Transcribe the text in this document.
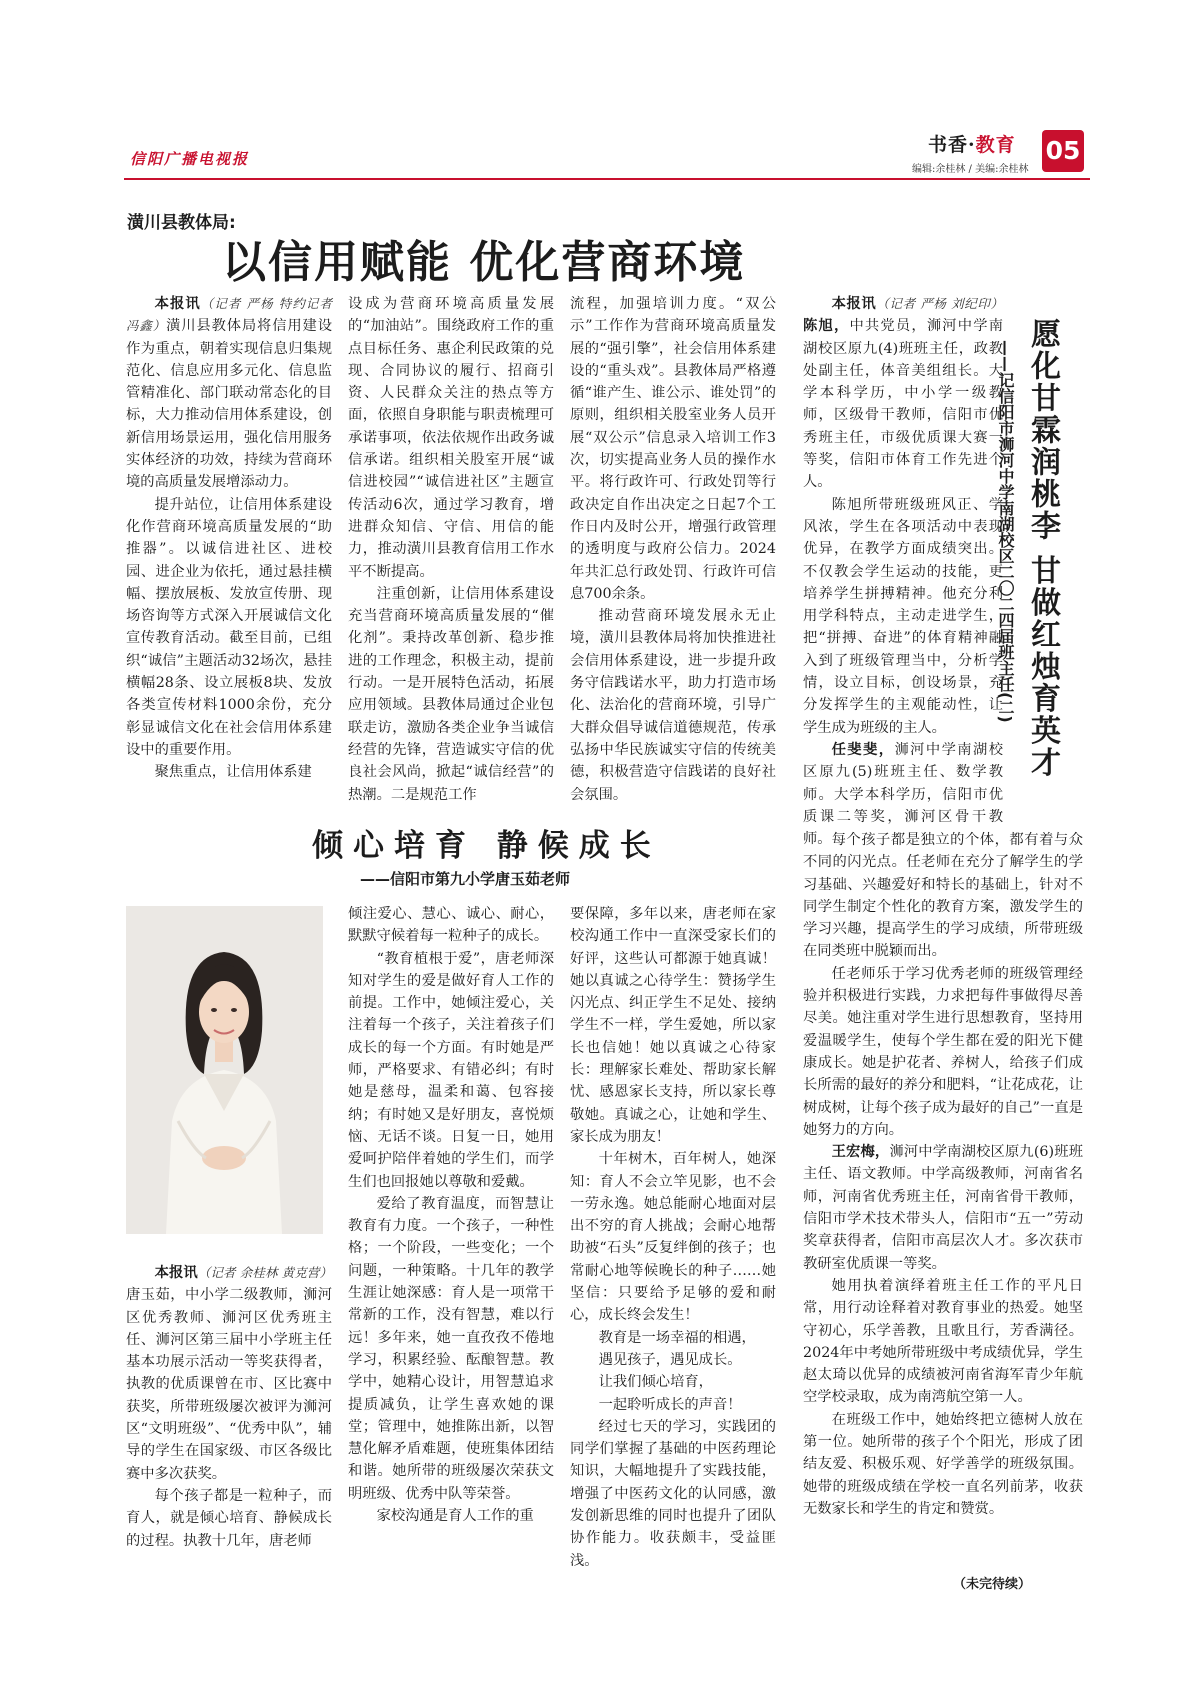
信阳广播电视报
书香·教育
编辑:余桂林 / 美编:余桂林
05
潢川县教体局:
以信用赋能 优化营商环境

本报讯（记者 严杨 特约记者 冯鑫）潢川县教体局将信用建设作为重点，朝着实现信息归集规范化、信息应用多元化、信息监管精准化、部门联动常态化的目标，大力推动信用体系建设，创新信用场景运用，强化信用服务实体经济的功效，持续为营商环境的高质量发展增添动力。

提升站位，让信用体系建设化作营商环境高质量发展的“助推器”。以诚信进社区、进校园、进企业为依托，通过悬挂横幅、摆放展板、发放宣传册、现场咨询等方式深入开展诚信文化宣传教育活动。截至目前，已组织“诚信”主题活动32场次，悬挂横幅28条、设立展板8块、发放各类宣传材料1000余份，充分彰显诚信文化在社会信用体系建设中的重要作用。

聚焦重点，让信用体系建

设成为营商环境高质量发展的“加油站”。围绕政府工作的重点目标任务、惠企利民政策的兑现、合同协议的履行、招商引资、人民群众关注的热点等方面，依照自身职能与职责梳理可承诺事项，依法依规作出政务诚信承诺。组织相关股室开展“诚信进校园”“诚信进社区”主题宣传活动6次，通过学习教育，增进群众知信、守信、用信的能力，推动潢川县教育信用工作水平不断提高。

注重创新，让信用体系建设充当营商环境高质量发展的“催化剂”。秉持改革创新、稳步推进的工作理念，积极主动，提前行动。一是开展特色活动，拓展应用领域。县教体局通过企业包联走访，激励各类企业争当诚信经营的先锋，营造诚实守信的优良社会风尚，掀起“诚信经营”的热潮。二是规范工作

流程，加强培训力度。“双公示”工作作为营商环境高质量发展的“强引擎”，社会信用体系建设的“重头戏”。县教体局严格遵循“谁产生、谁公示、谁处罚”的原则，组织相关股室业务人员开展“双公示”信息录入培训工作3次，切实提高业务人员的操作水平。将行政许可、行政处罚等行政决定自作出决定之日起7个工作日内及时公开，增强行政管理的透明度与政府公信力。2024年共汇总行政处罚、行政许可信息700余条。

推动营商环境发展永无止境，潢川县教体局将加快推进社会信用体系建设，进一步提升政务守信践诺水平，助力打造市场化、法治化的营商环境，引导广大群众倡导诚信道德规范，传承弘扬中华民族诚实守信的传统美德，积极营造守信践诺的良好社会氛围。

愿化甘霖润桃李 甘做红烛育英才
——记信阳市浉河中学南湖校区二〇二四届班主任(二)

本报讯（记者 严杨 刘纪印）陈旭，中共党员，浉河中学南湖校区原九(4)班班主任，政教处副主任，体音美组组长。大学本科学历，中小学一级教师，区级骨干教师，信阳市优秀班主任，市级优质课大赛一等奖，信阳市体育工作先进个人。

陈旭所带班级班风正、学风浓，学生在各项活动中表现优异，在教学方面成绩突出。不仅教会学生运动的技能，更培养学生拼搏精神。他充分利用学科特点，主动走进学生，把“拼搏、奋进”的体育精神融入到了班级管理当中，分析学情，设立目标，创设场景，充分发挥学生的主观能动性，让学生成为班级的主人。

任斐斐，浉河中学南湖校区原九(5)班班主任、数学教师。大学本科学历，信阳市优质课二等奖，浉河区骨干教师。 每个孩子都是独立的个体，都有着与众不同的闪光点。任老师在充分了解学生的学习基础、兴趣爱好和特长的基础上，针对不同学生制定个性化的教育方案，激发学生的学习兴趣，提高学生的学习成绩，所带班级在同类班中脱颖而出。

任老师乐于学习优秀老师的班级管理经验并积极进行实践，力求把每件事做得尽善尽美。她注重对学生进行思想教育，坚持用爱温暖学生，使每个学生都在爱的阳光下健康成长。她是护花者、养树人，给孩子们成长所需的最好的养分和肥料，“让花成花，让树成树，让每个孩子成为最好的自己”一直是她努力的方向。

王宏梅，浉河中学南湖校区原九(6)班班主任、语文教师。中学高级教师，河南省名师，河南省优秀班主任，河南省骨干教师，信阳市学术技术带头人，信阳市“五一”劳动奖章获得者，信阳市高层次人才。多次获市教研室优质课一等奖。

她用执着演绎着班主任工作的平凡日常，用行动诠释着对教育事业的热爱。她坚守初心，乐学善教，且歌且行，芳香满径。2024年中考她所带班级中考成绩优异，学生赵太琦以优异的成绩被河南省海军青少年航空学校录取，成为南湾航空第一人。

在班级工作中，她始终把立德树人放在第一位。她所带的孩子个个阳光，形成了团结友爱、积极乐观、好学善学的班级氛围。她带的班级成绩在学校一直名列前茅，收获无数家长和学生的肯定和赞赏。

（未完待续）
倾心培育 静候成长
——信阳市第九小学唐玉茹老师

本报讯（记者 余桂林 黄克营）唐玉茹，中小学二级教师，浉河区优秀教师、浉河区优秀班主任、浉河区第三届中小学班主任基本功展示活动一等奖获得者，执教的优质课曾在市、区比赛中获奖，所带班级屡次被评为浉河区“文明班级”、“优秀中队”，辅导的学生在国家级、市区各级比赛中多次获奖。

每个孩子都是一粒种子，而育人，就是倾心培育、静候成长的过程。执教十几年，唐老师

倾注爱心、慧心、诚心、耐心，默默守候着每一粒种子的成长。

“教育植根于爱”，唐老师深知对学生的爱是做好育人工作的前提。工作中，她倾注爱心，关注着每一个孩子，关注着孩子们成长的每一个方面。有时她是严师，严格要求、有错必纠；有时她是慈母，温柔和蔼、包容接纳；有时她又是好朋友，喜悦烦恼、无话不谈。日复一日，她用爱呵护陪伴着她的学生们，而学生们也回报她以尊敬和爱戴。

爱给了教育温度，而智慧让教育有力度。一个孩子，一种性格；一个阶段，一些变化；一个问题，一种策略。十几年的教学生涯让她深感：育人是一项常干常新的工作，没有智慧，难以行远！多年来，她一直孜孜不倦地学习，积累经验、酝酿智慧。教学中，她精心设计，用智慧追求提质减负，让学生喜欢她的课堂；管理中，她推陈出新，以智慧化解矛盾难题，使班集体团结和谐。她所带的班级屡次荣获文明班级、优秀中队等荣誉。

家校沟通是育人工作的重

要保障，多年以来，唐老师在家校沟通工作中一直深受家长们的好评，这些认可都源于她真诚！她以真诚之心待学生：赞扬学生闪光点、纠正学生不足处、接纳学生不一样，学生爱她，所以家长也信她！她以真诚之心待家长：理解家长难处、帮助家长解忧、感恩家长支持，所以家长尊敬她。真诚之心，让她和学生、家长成为朋友！

十年树木，百年树人，她深知：育人不会立竿见影，也不会一劳永逸。她总能耐心地面对层出不穷的育人挑战；会耐心地帮助被“石头”反复绊倒的孩子；也常耐心地等候晚长的种子……她坚信：只要给予足够的爱和耐心，成长终会发生！

教育是一场幸福的相遇，

遇见孩子，遇见成长。

让我们倾心培育，

一起聆听成长的声音！

经过七天的学习，实践团的同学们掌握了基础的中医药理论知识，大幅地提升了实践技能，增强了中医药文化的认同感，激发创新思维的同时也提升了团队协作能力。收获颇丰，受益匪浅。
